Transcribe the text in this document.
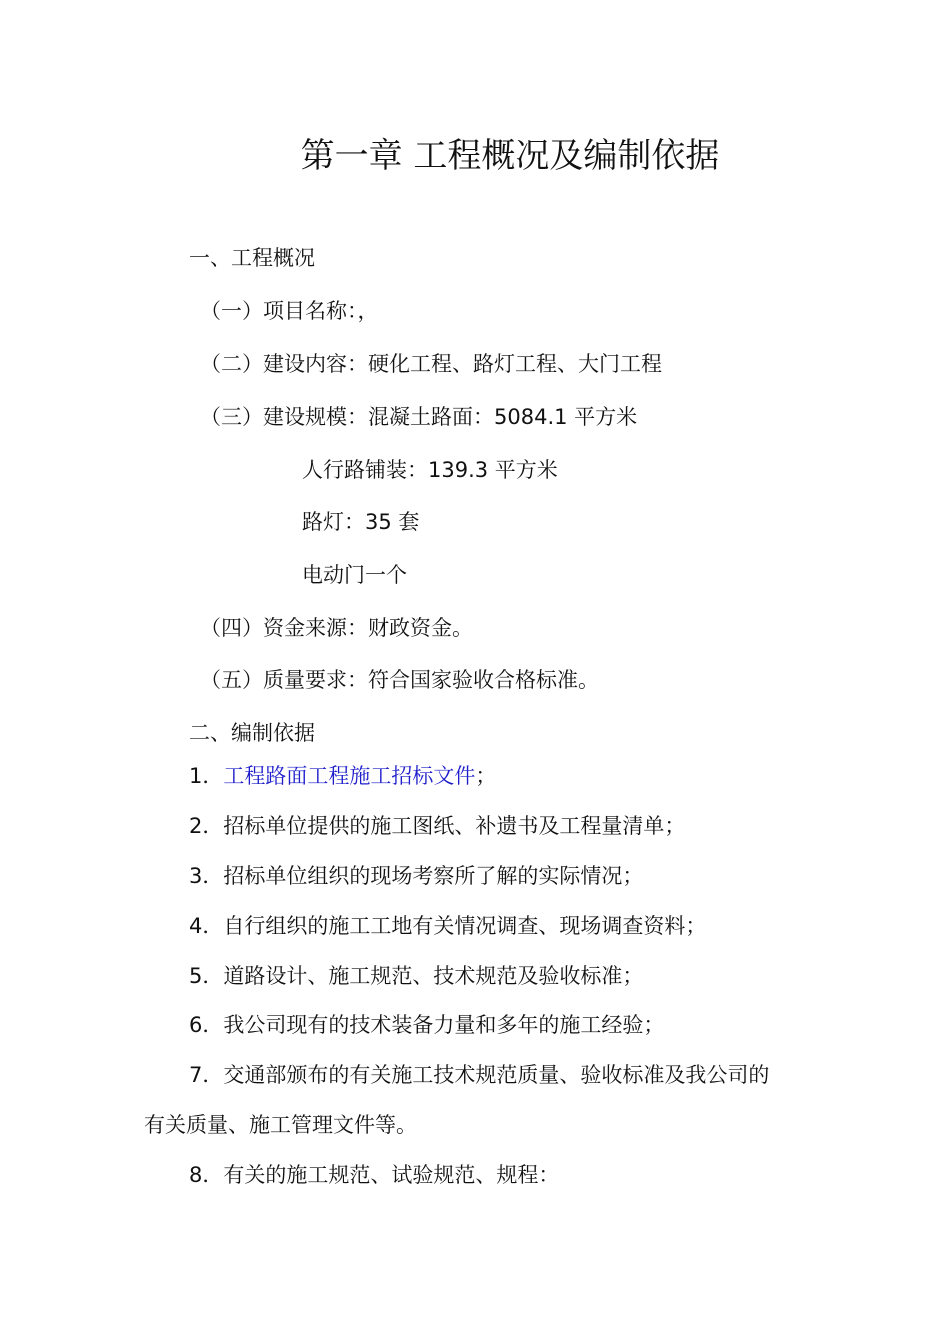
第一章 工程概况及编制依据
一、工程概况
（一）项目名称：，
（二）建设内容：硬化工程、路灯工程、大门工程
（三）建设规模：混凝土路面：5084.1 平方米
人行路铺装：139.3 平方米
路灯：35 套
电动门一个
（四）资金来源：财政资金。
（五）质量要求：符合国家验收合格标准。
二、编制依据
1．工程路面工程施工招标文件；
2．招标单位提供的施工图纸、补遗书及工程量清单；
3．招标单位组织的现场考察所了解的实际情况；
4．自行组织的施工工地有关情况调查、现场调查资料；
5．道路设计、施工规范、技术规范及验收标准；
6．我公司现有的技术装备力量和多年的施工经验；
7．交通部颁布的有关施工技术规范质量、验收标准及我公司的
有关质量、施工管理文件等。
8．有关的施工规范、试验规范、规程：
